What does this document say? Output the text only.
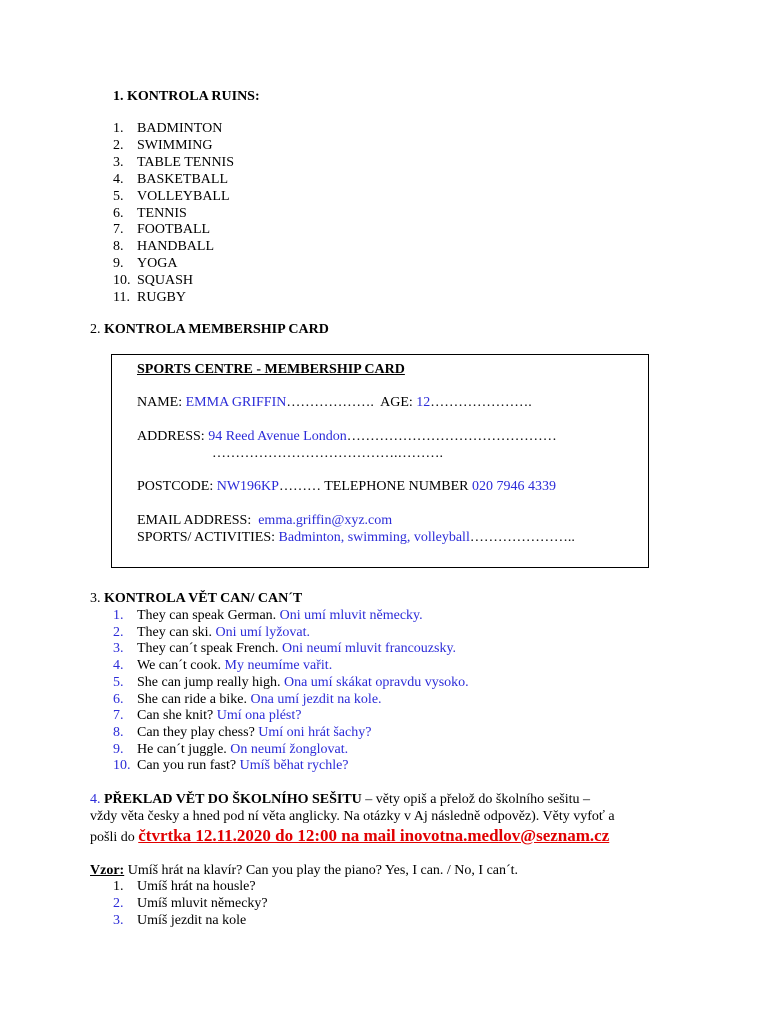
1. KONTROLA RUINS:
1. BADMINTON
2. SWIMMING
3. TABLE TENNIS
4. BASKETBALL
5. VOLLEYBALL
6. TENNIS
7. FOOTBALL
8. HANDBALL
9. YOGA
10. SQUASH
11. RUGBY
2. KONTROLA MEMBERSHIP CARD
SPORTS CENTRE - MEMBERSHIP CARD
NAME: EMMA GRIFFIN……………….  AGE: 12………………….
ADDRESS: 94 Reed Avenue London………………………………………
………………………………….……….
POSTCODE: NW196KP……… TELEPHONE NUMBER 020 7946 4339
EMAIL ADDRESS:  emma.griffin@xyz.com
SPORTS/ ACTIVITIES: Badminton, swimming, volleyball…………………..
3. KONTROLA VĚT CAN/ CAN´T
1. They can speak German. Oni umí mluvit německy.
2. They can ski. Oni umí lyžovat.
3. They can´t speak French. Oni neumí mluvit francouzsky.
4. We can´t cook. My neumíme vařit.
5. She can jump really high. Ona umí skákat opravdu vysoko.
6. She can ride a bike. Ona umí jezdit na kole.
7. Can she knit? Umí ona plést?
8. Can they play chess? Umí oni hrát šachy?
9. He can´t juggle. On neumí žonglovat.
10. Can you run fast? Umíš běhat rychle?
4. PŘEKLAD VĚT DO ŠKOLNÍHO SEŠITU – věty opiš a přelož do školního sešitu –
vždy věta česky a hned pod ní věta anglicky. Na otázky v Aj následně odpověz). Věty vyfoť a
pošli do čtvrtka 12.11.2020 do 12:00 na mail inovotna.medlov@seznam.cz
Vzor: Umíš hrát na klavír? Can you play the piano? Yes, I can. / No, I can´t.
1. Umíš hrát na housle?
2. Umíš mluvit německy?
3. Umíš jezdit na kole
